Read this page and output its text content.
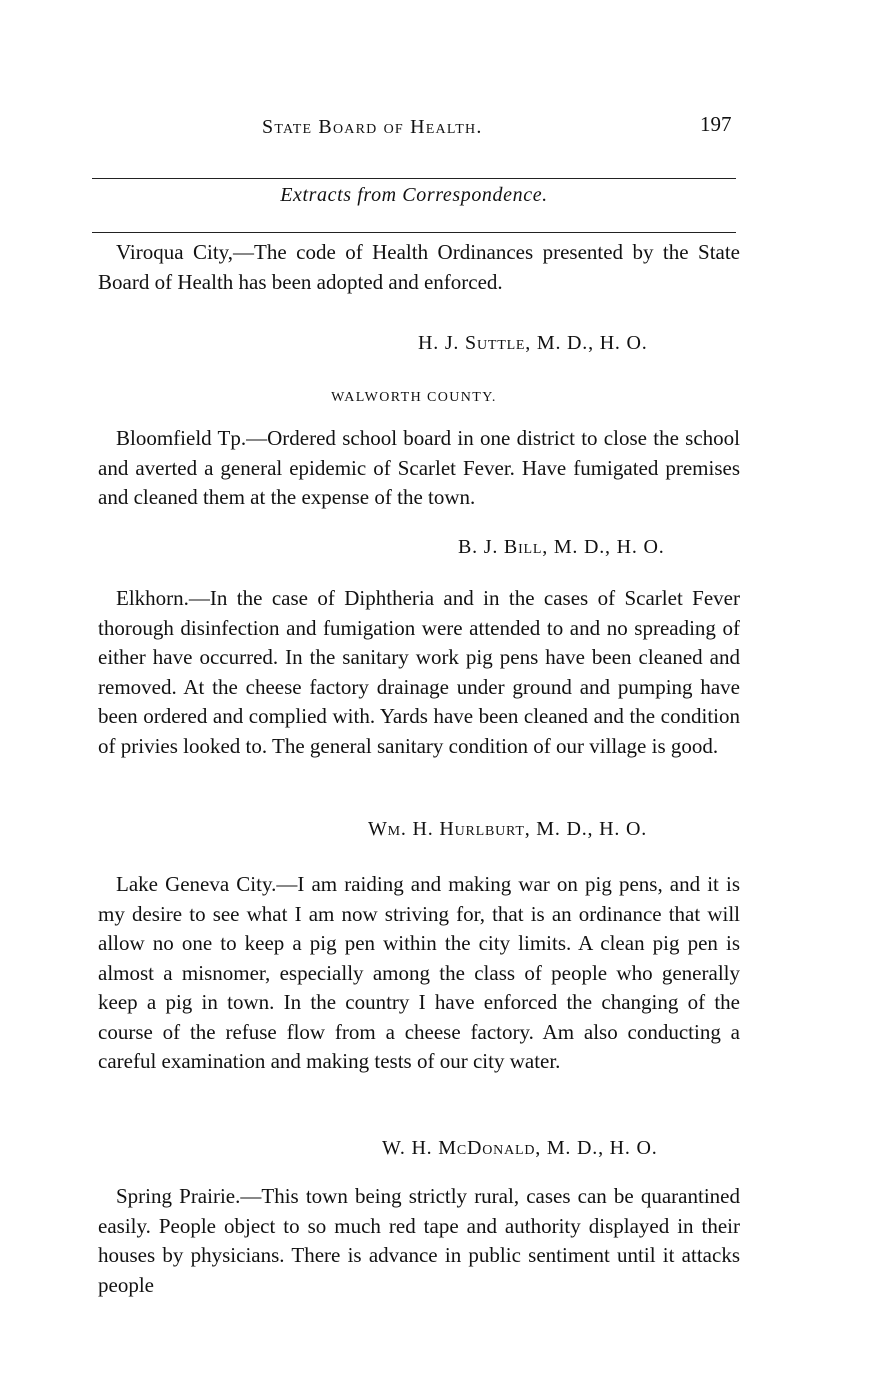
State Board of Health.	197
Extracts from Correspondence.

Viroqua City,—The code of Health Ordinances presented by the State Board of Health has been adopted and enforced.

H. J. Suttle, M. D., H. O.
WALWORTH COUNTY.

Bloomfield Tp.—Ordered school board in one district to close the school and averted a general epidemic of Scarlet Fever. Have fumigated premises and cleaned them at the expense of the town.

B. J. Bill, M. D., H. O.

Elkhorn.—In the case of Diphtheria and in the cases of Scarlet Fever thorough disinfection and fumigation were attended to and no spreading of either have occurred. In the sanitary work pig pens have been cleaned and removed. At the cheese factory drainage under ground and pumping have been ordered and complied with. Yards have been cleaned and the condition of privies looked to. The general sanitary condition of our village is good.

Wm. H. Hurlburt, M. D., H. O.

Lake Geneva City.—I am raiding and making war on pig pens, and it is my desire to see what I am now striving for, that is an ordinance that will allow no one to keep a pig pen within the city limits. A clean pig pen is almost a misnomer, especially among the class of people who generally keep a pig in town. In the country I have enforced the changing of the course of the refuse flow from a cheese factory. Am also conducting a careful examination and making tests of our city water.

W. H. McDonald, M. D., H. O.

Spring Prairie.—This town being strictly rural, cases can be quarantined easily. People object to so much red tape and authority displayed in their houses by physicians. There is advance in public sentiment until it attacks people
